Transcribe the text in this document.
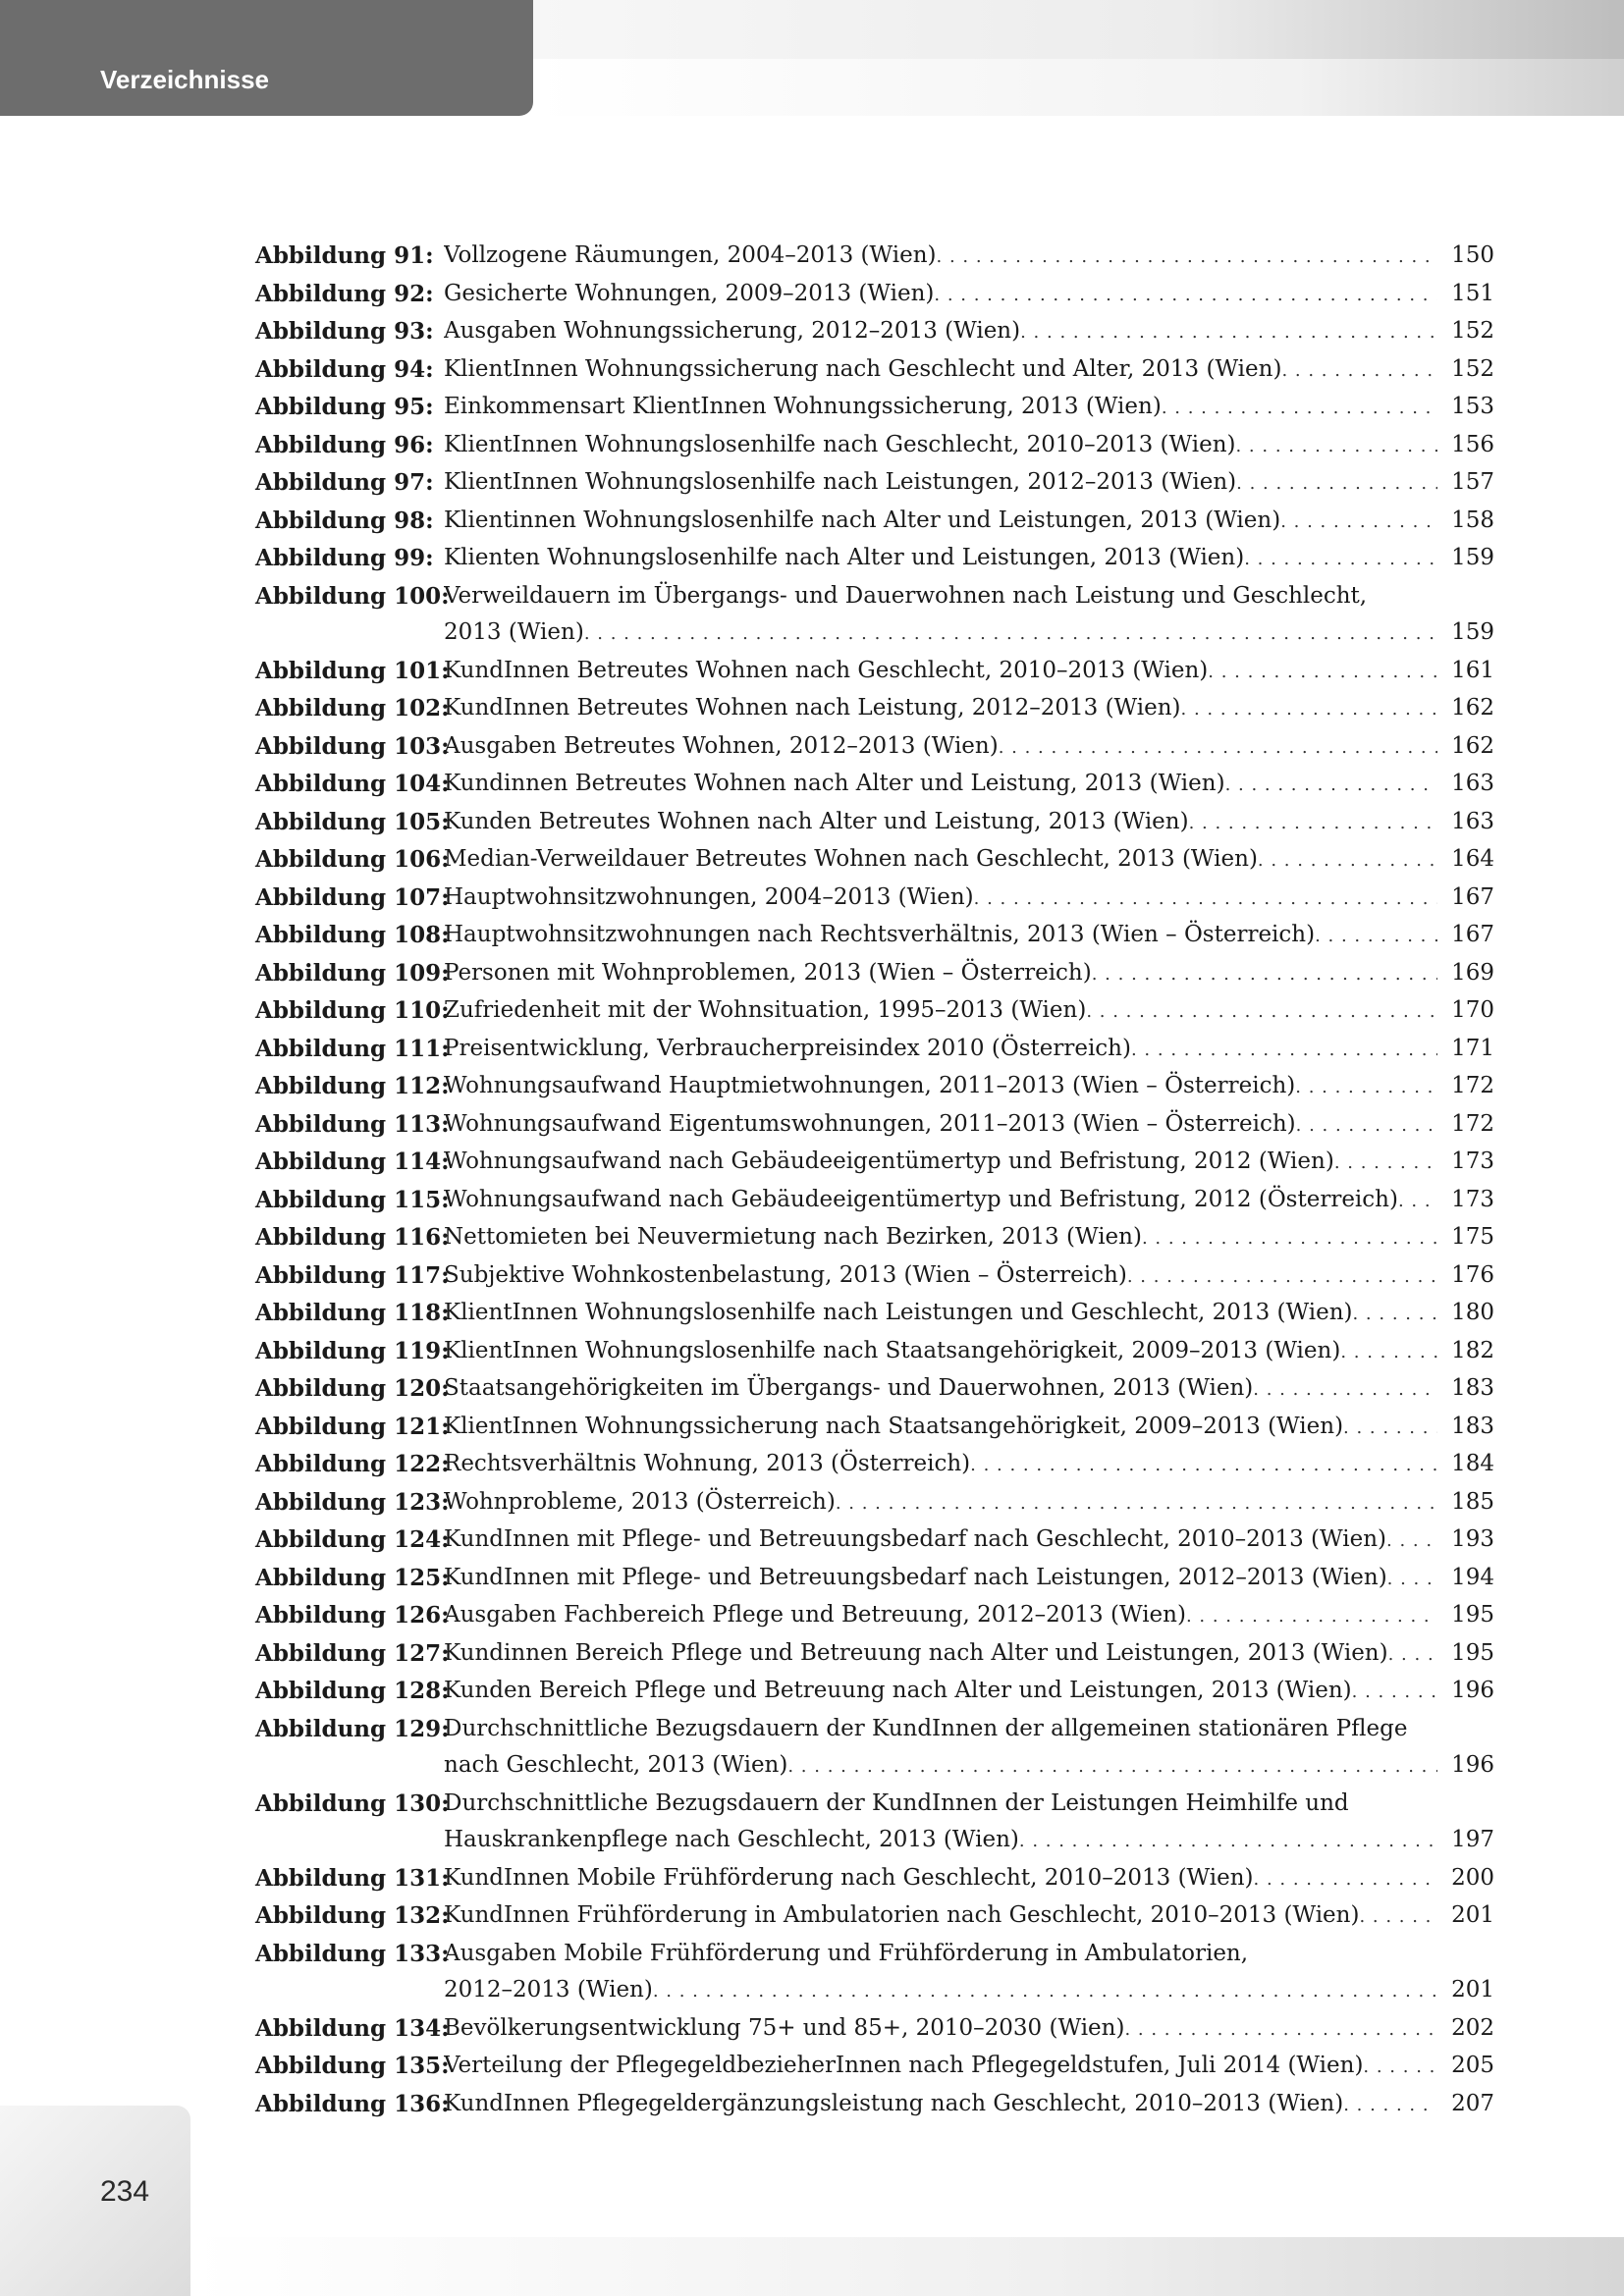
Verzeichnisse
Abbildung 91: Vollzogene Räumungen, 2004–2013 (Wien) . . .	150
Abbildung 92: Gesicherte Wohnungen, 2009–2013 (Wien) . . .	151
Abbildung 93: Ausgaben Wohnungssicherung, 2012–2013 (Wien) . . .	152
Abbildung 94: KlientInnen Wohnungssicherung nach Geschlecht und Alter, 2013 (Wien) . . .	152
Abbildung 95: Einkommensart KlientInnen Wohnungssicherung, 2013 (Wien) . . .	153
Abbildung 96: KlientInnen Wohnungslosenhilfe nach Geschlecht, 2010–2013 (Wien) . . .	156
Abbildung 97: KlientInnen Wohnungslosenhilfe nach Leistungen, 2012–2013 (Wien) . . .	157
Abbildung 98: Klientinnen Wohnungslosenhilfe nach Alter und Leistungen, 2013 (Wien) . . .	158
Abbildung 99: Klienten Wohnungslosenhilfe nach Alter und Leistungen, 2013 (Wien) . . .	159
Abbildung 100:
Verweildauern im Übergangs- und Dauerwohnen nach Leistung und Geschlecht,
2013 (Wien) . . .	159
Abbildung 101:
KundInnen Betreutes Wohnen nach Geschlecht, 2010–2013 (Wien) . . .	161
Abbildung 102:
KundInnen Betreutes Wohnen nach Leistung, 2012–2013 (Wien) . . .	162
Abbildung 103:
Ausgaben Betreutes Wohnen, 2012–2013 (Wien) . . .	162
Abbildung 104:
Kundinnen Betreutes Wohnen nach Alter und Leistung, 2013 (Wien) . . .	163
Abbildung 105:
Kunden Betreutes Wohnen nach Alter und Leistung, 2013 (Wien) . . .	163
Abbildung 106:
Median-Verweildauer Betreutes Wohnen nach Geschlecht, 2013 (Wien) . . .	164
Abbildung 107:
Hauptwohnsitzwohnungen, 2004–2013 (Wien) . . .	167
Abbildung 108:
Hauptwohnsitzwohnungen nach Rechtsverhältnis, 2013 (Wien – Österreich) . . .	167
Abbildung 109:
Personen mit Wohnproblemen, 2013 (Wien – Österreich) . . .	169
Abbildung 110:
Zufriedenheit mit der Wohnsituation, 1995–2013 (Wien) . . .	170
Abbildung 111:
Preisentwicklung, Verbraucherpreisindex 2010 (Österreich) . . .	171
Abbildung 112:
Wohnungsaufwand Hauptmietwohnungen, 2011–2013 (Wien – Österreich) . . .	172
Abbildung 113:
Wohnungsaufwand Eigentumswohnungen, 2011–2013 (Wien – Österreich) . . .	172
Abbildung 114:
Wohnungsaufwand nach Gebäudeeigentümertyp und Befristung, 2012 (Wien) . . .	173
Abbildung 115:
Wohnungsaufwand nach Gebäudeeigentümertyp und Befristung, 2012 (Österreich) . . .	173
Abbildung 116:
Nettomieten bei Neuvermietung nach Bezirken, 2013 (Wien) . . .	175
Abbildung 117:
Subjektive Wohnkostenbelastung, 2013 (Wien – Österreich) . . .	176
Abbildung 118:
KlientInnen Wohnungslosenhilfe nach Leistungen und Geschlecht, 2013 (Wien) . . .	180
Abbildung 119:
KlientInnen Wohnungslosenhilfe nach Staatsangehörigkeit, 2009–2013 (Wien) . . .	182
Abbildung 120:
Staatsangehörigkeiten im Übergangs- und Dauerwohnen, 2013 (Wien) . . .	183
Abbildung 121:
KlientInnen Wohnungssicherung nach Staatsangehörigkeit, 2009–2013 (Wien) . . .	183
Abbildung 122:
Rechtsverhältnis Wohnung, 2013 (Österreich) . . .	184
Abbildung 123:
Wohnprobleme, 2013 (Österreich) . . .	185
Abbildung 124:
KundInnen mit Pflege- und Betreuungsbedarf nach Geschlecht, 2010–2013 (Wien) . . .	193
Abbildung 125:
KundInnen mit Pflege- und Betreuungsbedarf nach Leistungen, 2012–2013 (Wien) . . .	194
Abbildung 126:
Ausgaben Fachbereich Pflege und Betreuung, 2012–2013 (Wien) . . .	195
Abbildung 127:
Kundinnen Bereich Pflege und Betreuung nach Alter und Leistungen, 2013 (Wien) . . .	195
Abbildung 128:
Kunden Bereich Pflege und Betreuung nach Alter und Leistungen, 2013 (Wien) . . .	196
Abbildung 129:
Durchschnittliche Bezugsdauern der KundInnen der allgemeinen stationären Pflege
nach Geschlecht, 2013 (Wien) . . .	196
Abbildung 130:
Durchschnittliche Bezugsdauern der KundInnen der Leistungen Heimhilfe und
Hauskrankenpflege nach Geschlecht, 2013 (Wien) . . .	197
Abbildung 131:
KundInnen Mobile Frühförderung nach Geschlecht, 2010–2013 (Wien) . . .	200
Abbildung 132:
KundInnen Frühförderung in Ambulatorien nach Geschlecht, 2010–2013 (Wien) . . .	201
Abbildung 133:
Ausgaben Mobile Frühförderung und Frühförderung in Ambulatorien,
2012–2013 (Wien) . . .	201
Abbildung 134:
Bevölkerungsentwicklung 75+ und 85+, 2010–2030 (Wien) . . .	202
Abbildung 135:
Verteilung der PflegegeldbezieherInnen nach Pflegegeldstufen, Juli 2014 (Wien) . . .	205
Abbildung 136:
KundInnen Pflegegeldergänzungsleistung nach Geschlecht, 2010–2013 (Wien) . . .	207
234
